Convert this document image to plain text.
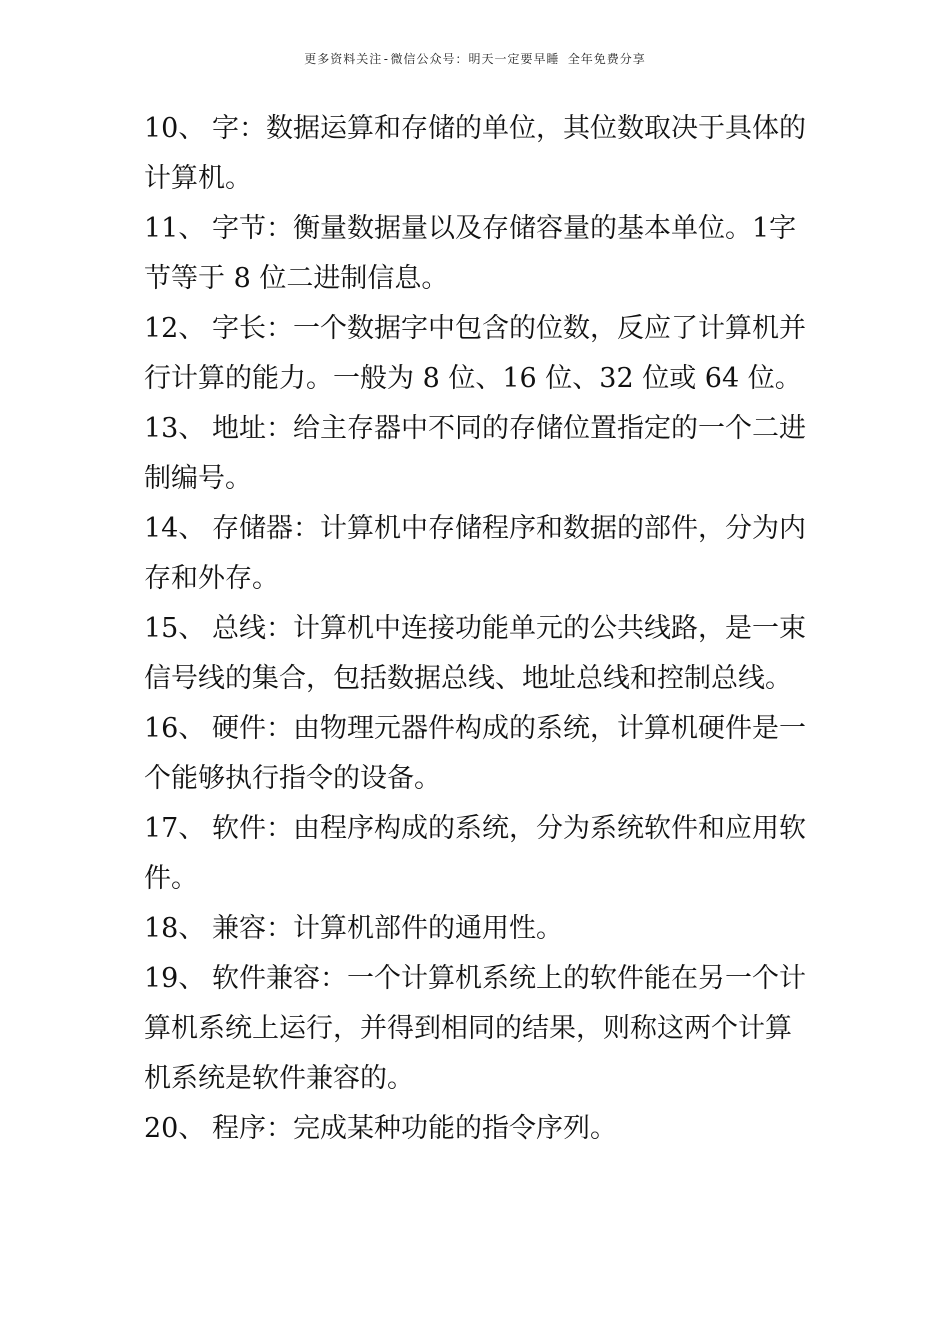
更多资料关注-微信公众号：明天一定要早睡 全年免费分享

10、 字：数据运算和存储的单位，其位数取决于具体的计算机。

11、 字节：衡量数据量以及存储容量的基本单位。1字节等于 8 位二进制信息。

12、 字长：一个数据字中包含的位数，反应了计算机并行计算的能力。一般为 8 位、16 位、32 位或 64 位。

13、 地址：给主存器中不同的存储位置指定的一个二进制编号。

14、 存储器：计算机中存储程序和数据的部件，分为内存和外存。

15、 总线：计算机中连接功能单元的公共线路，是一束信号线的集合，包括数据总线、地址总线和控制总线。

16、 硬件：由物理元器件构成的系统，计算机硬件是一个能够执行指令的设备。

17、 软件：由程序构成的系统，分为系统软件和应用软件。

18、 兼容：计算机部件的通用性。

19、 软件兼容：一个计算机系统上的软件能在另一个计算机系统上运行，并得到相同的结果，则称这两个计算机系统是软件兼容的。

20、 程序：完成某种功能的指令序列。
